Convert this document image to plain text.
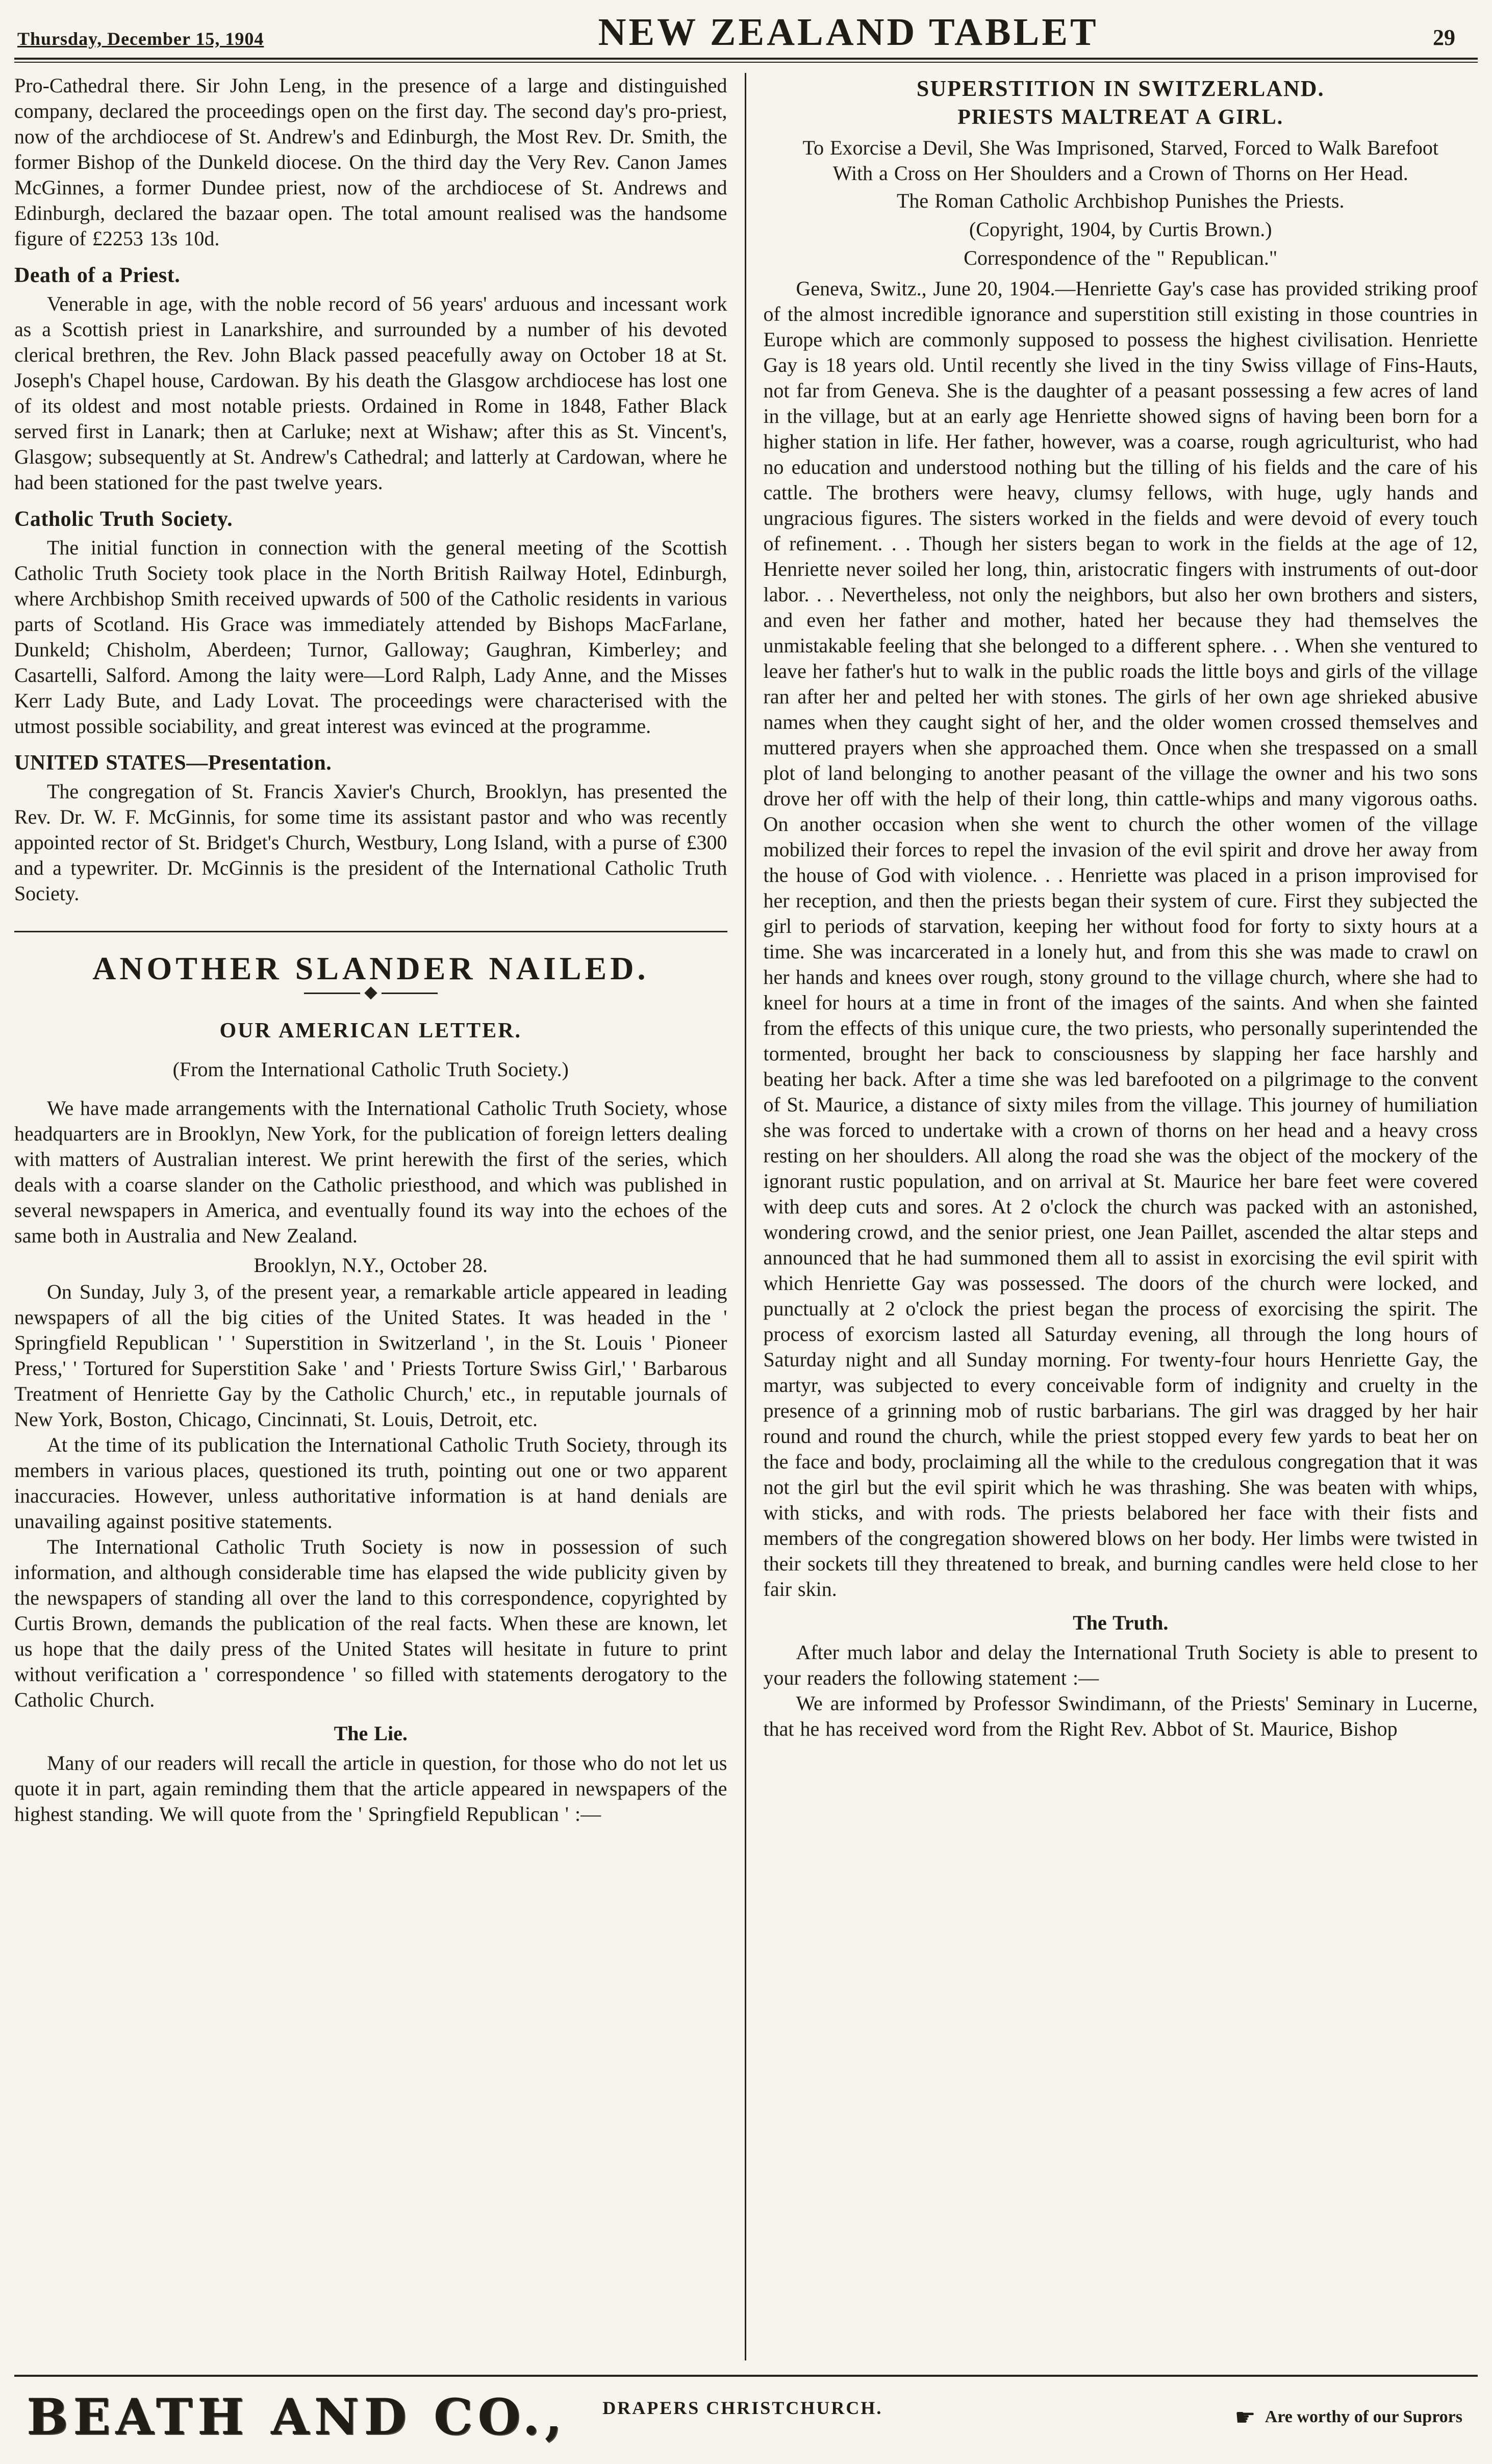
Thursday, December 15, 1904	NEW ZEALAND TABLET	29

Pro-Cathedral there. Sir John Leng, in the presence of a large and distinguished company, declared the proceedings open on the first day. The second day's pro-priest, now of the archdiocese of St. Andrew's and Edinburgh, the Most Rev. Dr. Smith, the former Bishop of the Dunkeld diocese. On the third day the Very Rev. Canon James McGinnes, a former Dundee priest, now of the archdiocese of St. Andrews and Edinburgh, declared the bazaar open. The total amount realised was the handsome figure of £2253 13s 10d.

Death of a Priest.

Venerable in age, with the noble record of 56 years' arduous and incessant work as a Scottish priest in Lanarkshire, and surrounded by a number of his devoted clerical brethren, the Rev. John Black passed peacefully away on October 18 at St. Joseph's Chapel house, Cardowan. By his death the Glasgow archdiocese has lost one of its oldest and most notable priests. Ordained in Rome in 1848, Father Black served first in Lanark; then at Carluke; next at Wishaw; after this as St. Vincent's, Glasgow; subsequently at St. Andrew's Cathedral; and latterly at Cardowan, where he had been stationed for the past twelve years.

Catholic Truth Society.

The initial function in connection with the general meeting of the Scottish Catholic Truth Society took place in the North British Railway Hotel, Edinburgh, where Archbishop Smith received upwards of 500 of the Catholic residents in various parts of Scotland. His Grace was immediately attended by Bishops MacFarlane, Dunkeld; Chisholm, Aberdeen; Turnor, Galloway; Gaughran, Kimberley; and Casartelli, Salford. Among the laity were—Lord Ralph, Lady Anne, and the Misses Kerr Lady Bute, and Lady Lovat. The proceedings were characterised with the utmost possible sociability, and great interest was evinced at the programme.

UNITED STATES—Presentation.

The congregation of St. Francis Xavier's Church, Brooklyn, has presented the Rev. Dr. W. F. McGinnis, for some time its assistant pastor and who was recently appointed rector of St. Bridget's Church, Westbury, Long Island, with a purse of £300 and a typewriter. Dr. McGinnis is the president of the International Catholic Truth Society.

ANOTHER SLANDER NAILED.
OUR AMERICAN LETTER.

(From the International Catholic Truth Society.)

We have made arrangements with the International Catholic Truth Society, whose headquarters are in Brooklyn, New York, for the publication of foreign letters dealing with matters of Australian interest. We print herewith the first of the series, which deals with a coarse slander on the Catholic priesthood, and which was published in several newspapers in America, and eventually found its way into the echoes of the same both in Australia and New Zealand.

Brooklyn, N.Y., October 28.

On Sunday, July 3, of the present year, a remarkable article appeared in leading newspapers of all the big cities of the United States. It was headed in the ' Springfield Republican ' ' Superstition in Switzerland ', in the St. Louis ' Pioneer Press,' ' Tortured for Superstition Sake ' and ' Priests Torture Swiss Girl,' ' Barbarous Treatment of Henriette Gay by the Catholic Church,' etc., in reputable journals of New York, Boston, Chicago, Cincinnati, St. Louis, Detroit, etc.

At the time of its publication the International Catholic Truth Society, through its members in various places, questioned its truth, pointing out one or two apparent inaccuracies. However, unless authoritative information is at hand denials are unavailing against positive statements.

The International Catholic Truth Society is now in possession of such information, and although considerable time has elapsed the wide publicity given by the newspapers of standing all over the land to this correspondence, copyrighted by Curtis Brown, demands the publication of the real facts. When these are known, let us hope that the daily press of the United States will hesitate in future to print without verification a ' correspondence ' so filled with statements derogatory to the Catholic Church.

The Lie.

Many of our readers will recall the article in question, for those who do not let us quote it in part, again reminding them that the article appeared in newspapers of the highest standing. We will quote from the ' Springfield Republican ' :—

SUPERSTITION IN SWITZERLAND.
PRIESTS MALTREAT A GIRL.

To Exorcise a Devil, She Was Imprisoned, Starved, Forced to Walk Barefoot With a Cross on Her Shoulders and a Crown of Thorns on Her Head.

The Roman Catholic Archbishop Punishes the Priests.

(Copyright, 1904, by Curtis Brown.)

Correspondence of the " Republican."

Geneva, Switz., June 20, 1904.—Henriette Gay's case has provided striking proof of the almost incredible ignorance and superstition still existing in those countries in Europe which are commonly supposed to possess the highest civilisation. Henriette Gay is 18 years old. Until recently she lived in the tiny Swiss village of Fins-Hauts, not far from Geneva. She is the daughter of a peasant possessing a few acres of land in the village, but at an early age Henriette showed signs of having been born for a higher station in life. Her father, however, was a coarse, rough agriculturist, who had no education and understood nothing but the tilling of his fields and the care of his cattle. The brothers were heavy, clumsy fellows, with huge, ugly hands and ungracious figures. The sisters worked in the fields and were devoid of every touch of refinement. . . Though her sisters began to work in the fields at the age of 12, Henriette never soiled her long, thin, aristocratic fingers with instruments of out-door labor. . . Nevertheless, not only the neighbors, but also her own brothers and sisters, and even her father and mother, hated her because they had themselves the unmistakable feeling that she belonged to a different sphere. . . When she ventured to leave her father's hut to walk in the public roads the little boys and girls of the village ran after her and pelted her with stones. The girls of her own age shrieked abusive names when they caught sight of her, and the older women crossed themselves and muttered prayers when she approached them. Once when she trespassed on a small plot of land belonging to another peasant of the village the owner and his two sons drove her off with the help of their long, thin cattle-whips and many vigorous oaths. On another occasion when she went to church the other women of the village mobilized their forces to repel the invasion of the evil spirit and drove her away from the house of God with violence. . . Henriette was placed in a prison improvised for her reception, and then the priests began their system of cure. First they subjected the girl to periods of starvation, keeping her without food for forty to sixty hours at a time. She was incarcerated in a lonely hut, and from this she was made to crawl on her hands and knees over rough, stony ground to the village church, where she had to kneel for hours at a time in front of the images of the saints. And when she fainted from the effects of this unique cure, the two priests, who personally superintended the tormented, brought her back to consciousness by slapping her face harshly and beating her back. After a time she was led barefooted on a pilgrimage to the convent of St. Maurice, a distance of sixty miles from the village. This journey of humiliation she was forced to undertake with a crown of thorns on her head and a heavy cross resting on her shoulders. All along the road she was the object of the mockery of the ignorant rustic population, and on arrival at St. Maurice her bare feet were covered with deep cuts and sores. At 2 o'clock the church was packed with an astonished, wondering crowd, and the senior priest, one Jean Paillet, ascended the altar steps and announced that he had summoned them all to assist in exorcising the evil spirit with which Henriette Gay was possessed. The doors of the church were locked, and punctually at 2 o'clock the priest began the process of exorcising the spirit. The process of exorcism lasted all Saturday evening, all through the long hours of Saturday night and all Sunday morning. For twenty-four hours Henriette Gay, the martyr, was subjected to every conceivable form of indignity and cruelty in the presence of a grinning mob of rustic barbarians. The girl was dragged by her hair round and round the church, while the priest stopped every few yards to beat her on the face and body, proclaiming all the while to the credulous congregation that it was not the girl but the evil spirit which he was thrashing. She was beaten with whips, with sticks, and with rods. The priests belabored her face with their fists and members of the congregation showered blows on her body. Her limbs were twisted in their sockets till they threatened to break, and burning candles were held close to her fair skin.

The Truth.

After much labor and delay the International Truth Society is able to present to your readers the following statement :—

We are informed by Professor Swindimann, of the Priests' Seminary in Lucerne, that he has received word from the Right Rev. Abbot of St. Maurice, Bishop

BEATH AND CO., DRAPERS CHRISTCHURCH.	☛ Are worthy of our Suprors
